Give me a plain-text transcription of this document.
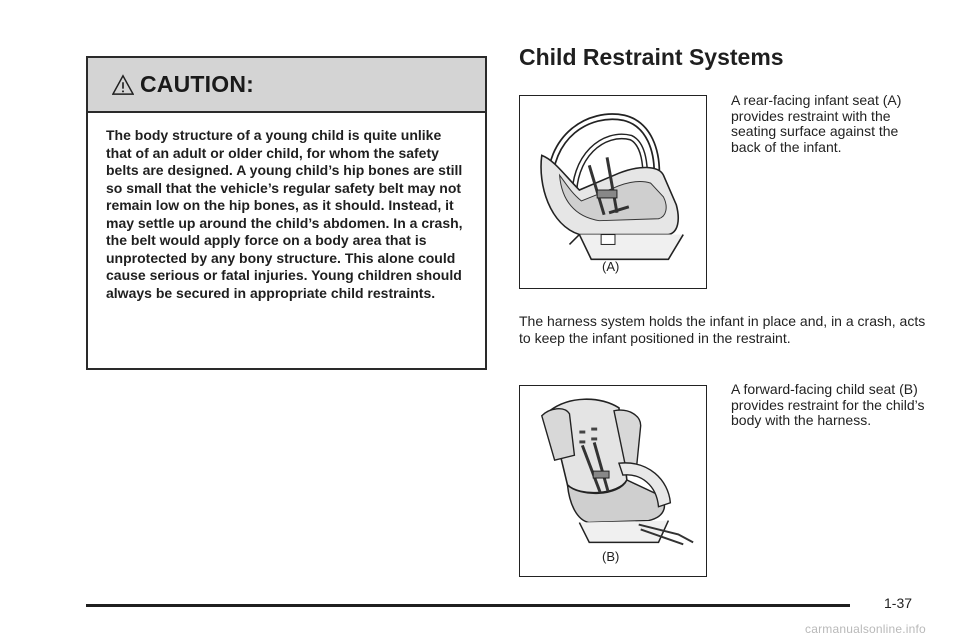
CAUTION:
The body structure of a young child is quite unlike that of an adult or older child, for whom the safety belts are designed. A young child’s hip bones are still so small that the vehicle’s regular safety belt may not remain low on the hip bones, as it should. Instead, it may settle up around the child’s abdomen. In a crash, the belt would apply force on a body area that is unprotected by any bony structure. This alone could cause serious or fatal injuries. Young children should always be secured in appropriate child restraints.
Child Restraint Systems
(A)
A rear-facing infant seat (A) provides restraint with the seating surface against the back of the infant.

The harness system holds the infant in place and, in a crash, acts to keep the infant positioned in the restraint.

(B)
A forward-facing child seat (B) provides restraint for the child’s body with the harness.
1-37
carmanualsonline.info
